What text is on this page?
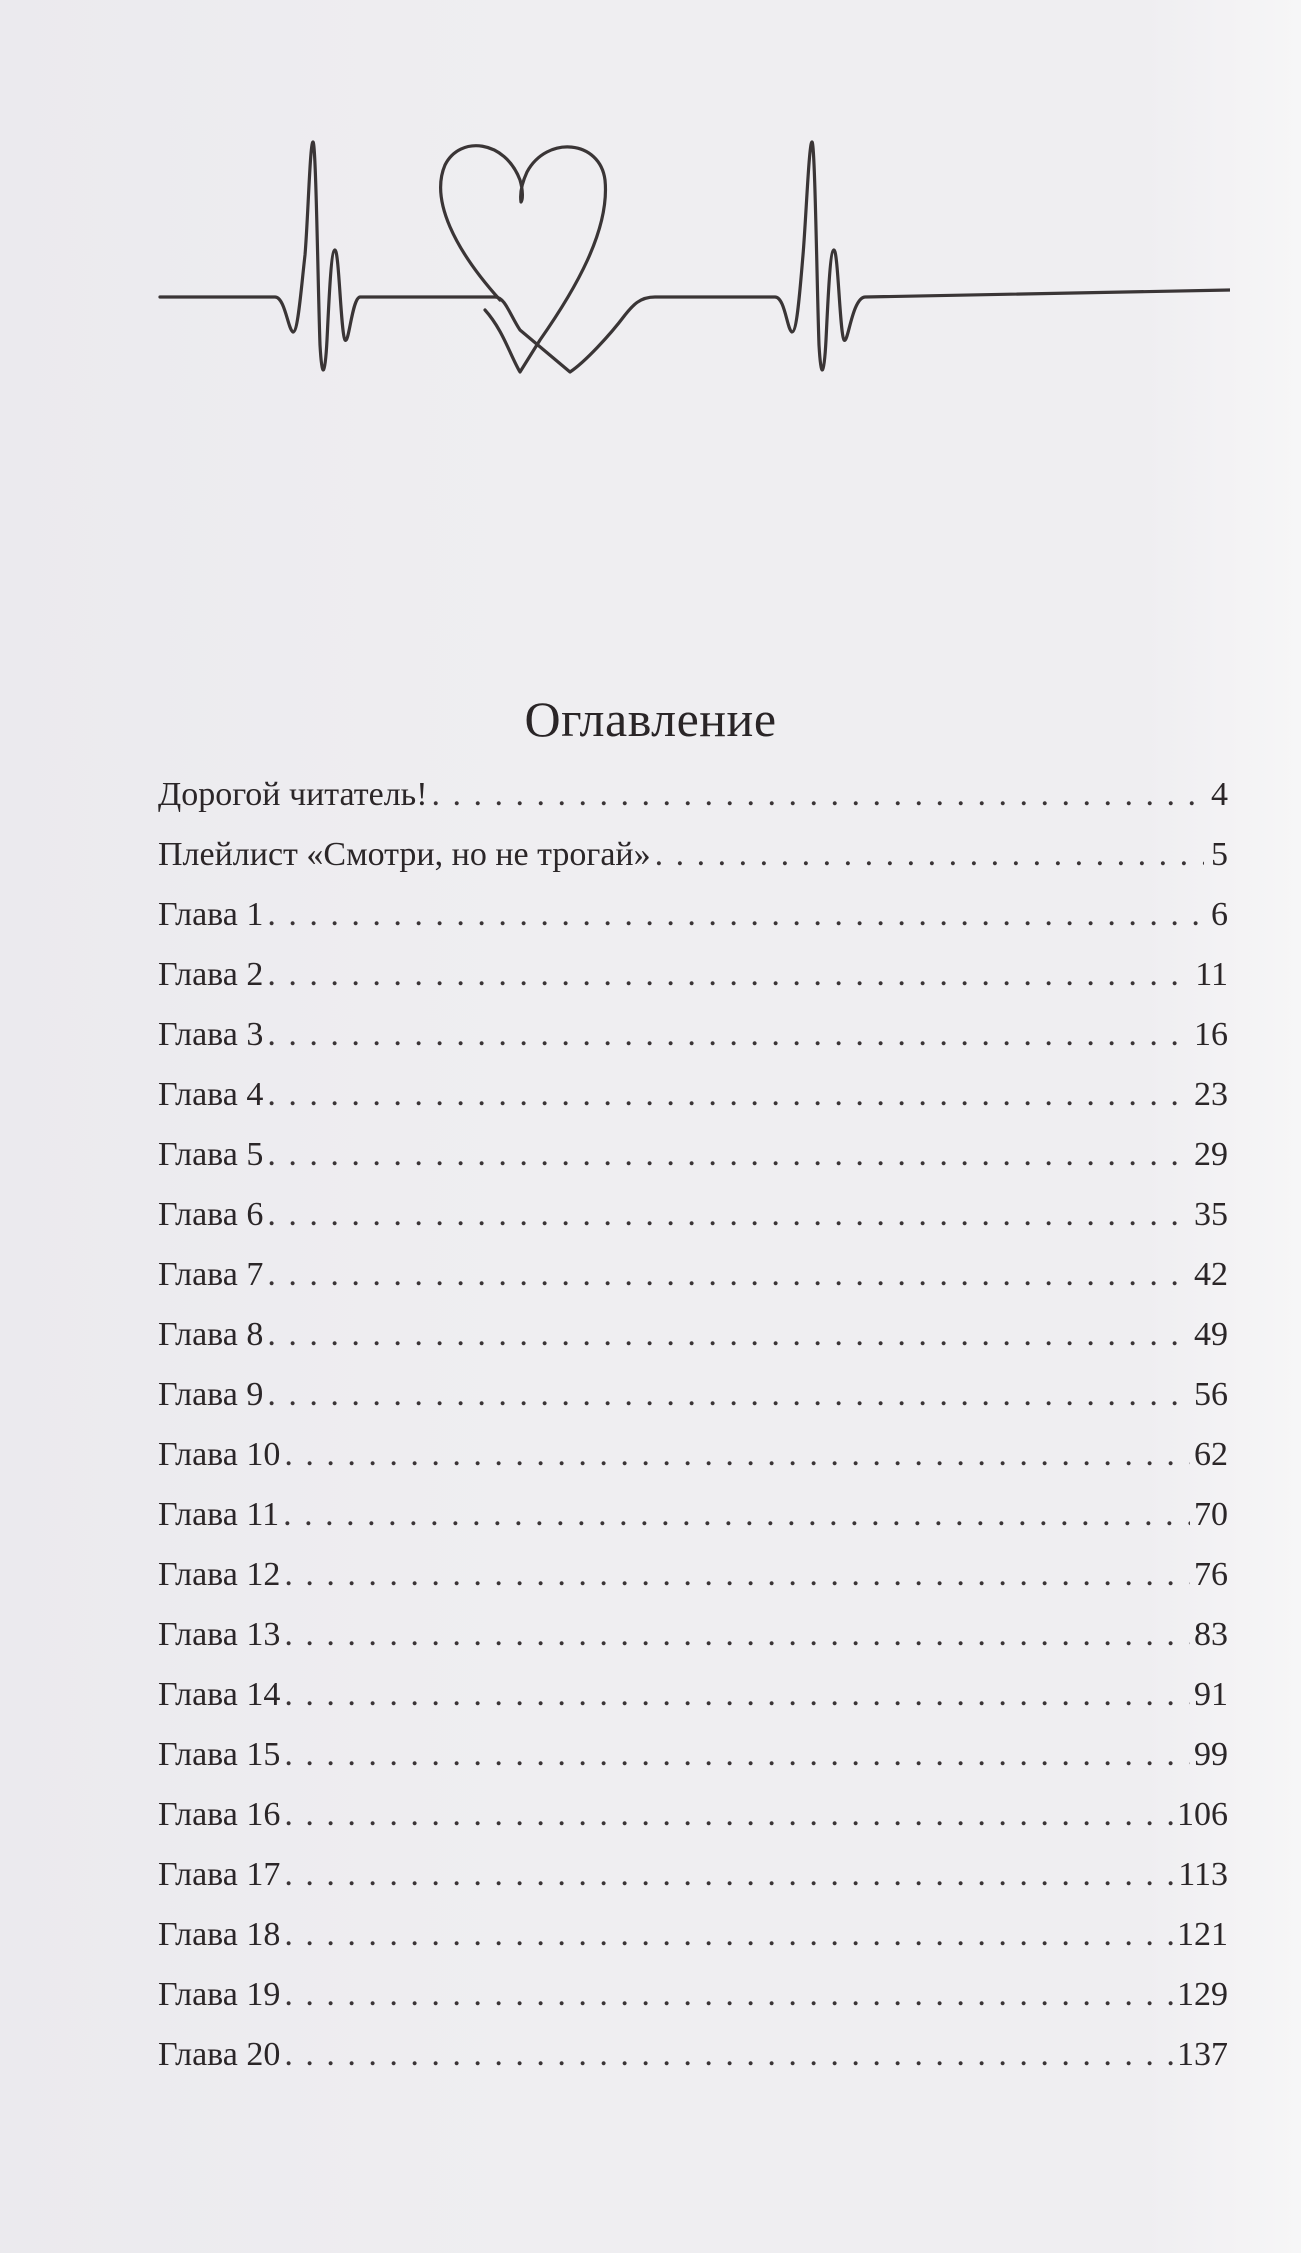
Оглавление
Дорогой читатель! . . .	4
Плейлист «Смотри, но не трогай» . . .	5
Глава 1 . . .	6
Глава 2 . . .	11
Глава 3 . . .	16
Глава 4 . . .	23
Глава 5 . . .	29
Глава 6 . . .	35
Глава 7 . . .	42
Глава 8 . . .	49
Глава 9 . . .	56
Глава 10 . . .	62
Глава 11 . . .	70
Глава 12 . . .	76
Глава 13 . . .	83
Глава 14 . . .	91
Глава 15 . . .	99
Глава 16 . . .	106
Глава 17 . . .	113
Глава 18 . . .	121
Глава 19 . . .	129
Глава 20 . . .	137
